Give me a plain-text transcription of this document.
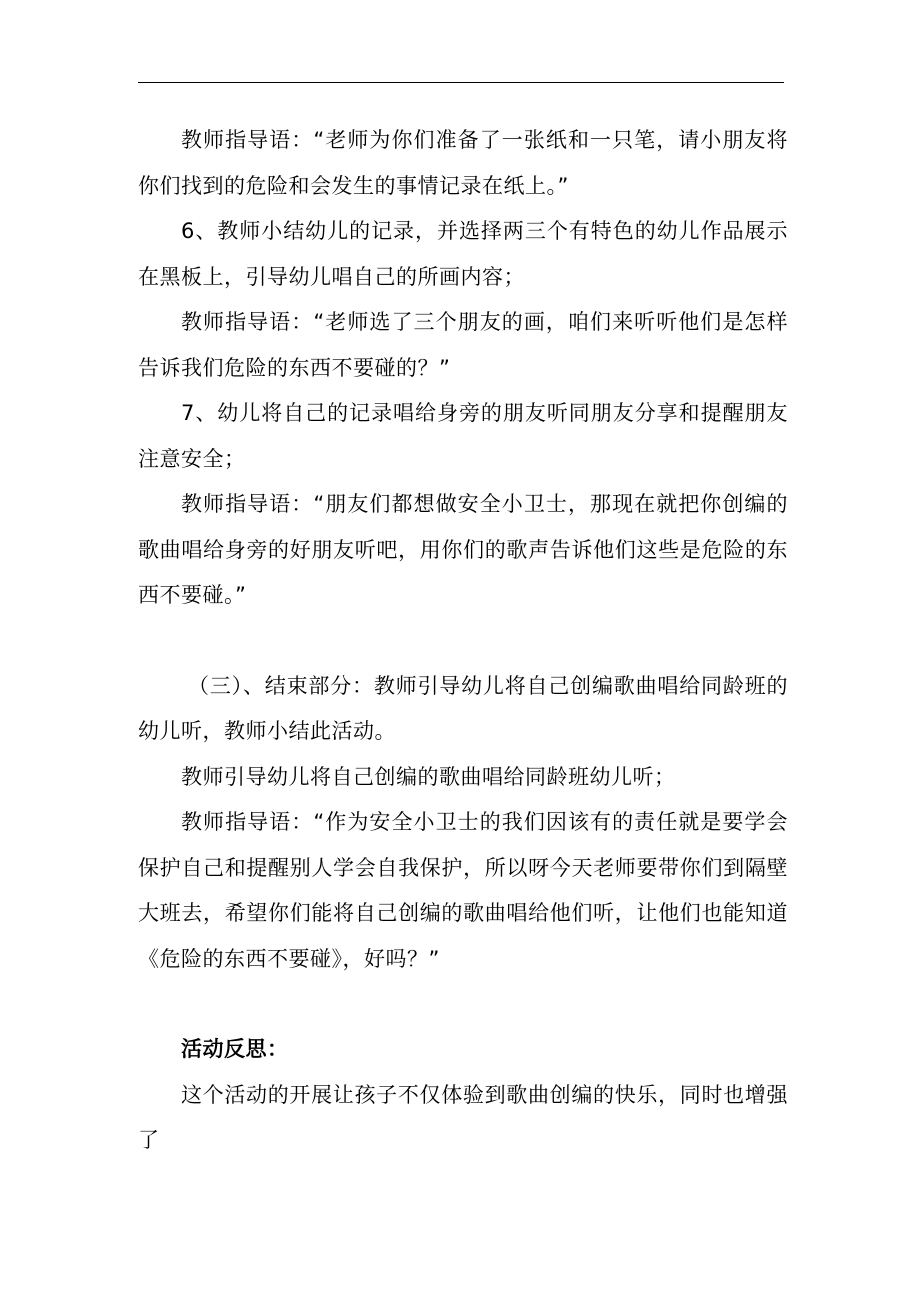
教师指导语：“老师为你们准备了一张纸和一只笔，请小朋友将你们找到的危险和会发生的事情记录在纸上。”

6、教师小结幼儿的记录，并选择两三个有特色的幼儿作品展示在黑板上，引导幼儿唱自己的所画内容；

教师指导语：“老师选了三个朋友的画，咱们来听听他们是怎样告诉我们危险的东西不要碰的？”

7、幼儿将自己的记录唱给身旁的朋友听同朋友分享和提醒朋友注意安全；

教师指导语：“朋友们都想做安全小卫士，那现在就把你创编的歌曲唱给身旁的好朋友听吧，用你们的歌声告诉他们这些是危险的东西不要碰。”

（三）、结束部分：教师引导幼儿将自己创编歌曲唱给同龄班的幼儿听，教师小结此活动。

教师引导幼儿将自己创编的歌曲唱给同龄班幼儿听；

教师指导语：“作为安全小卫士的我们因该有的责任就是要学会保护自己和提醒别人学会自我保护，所以呀今天老师要带你们到隔壁大班去，希望你们能将自己创编的歌曲唱给他们听，让他们也能知道《危险的东西不要碰》，好吗？”

活动反思：

这个活动的开展让孩子不仅体验到歌曲创编的快乐，同时也增强了
